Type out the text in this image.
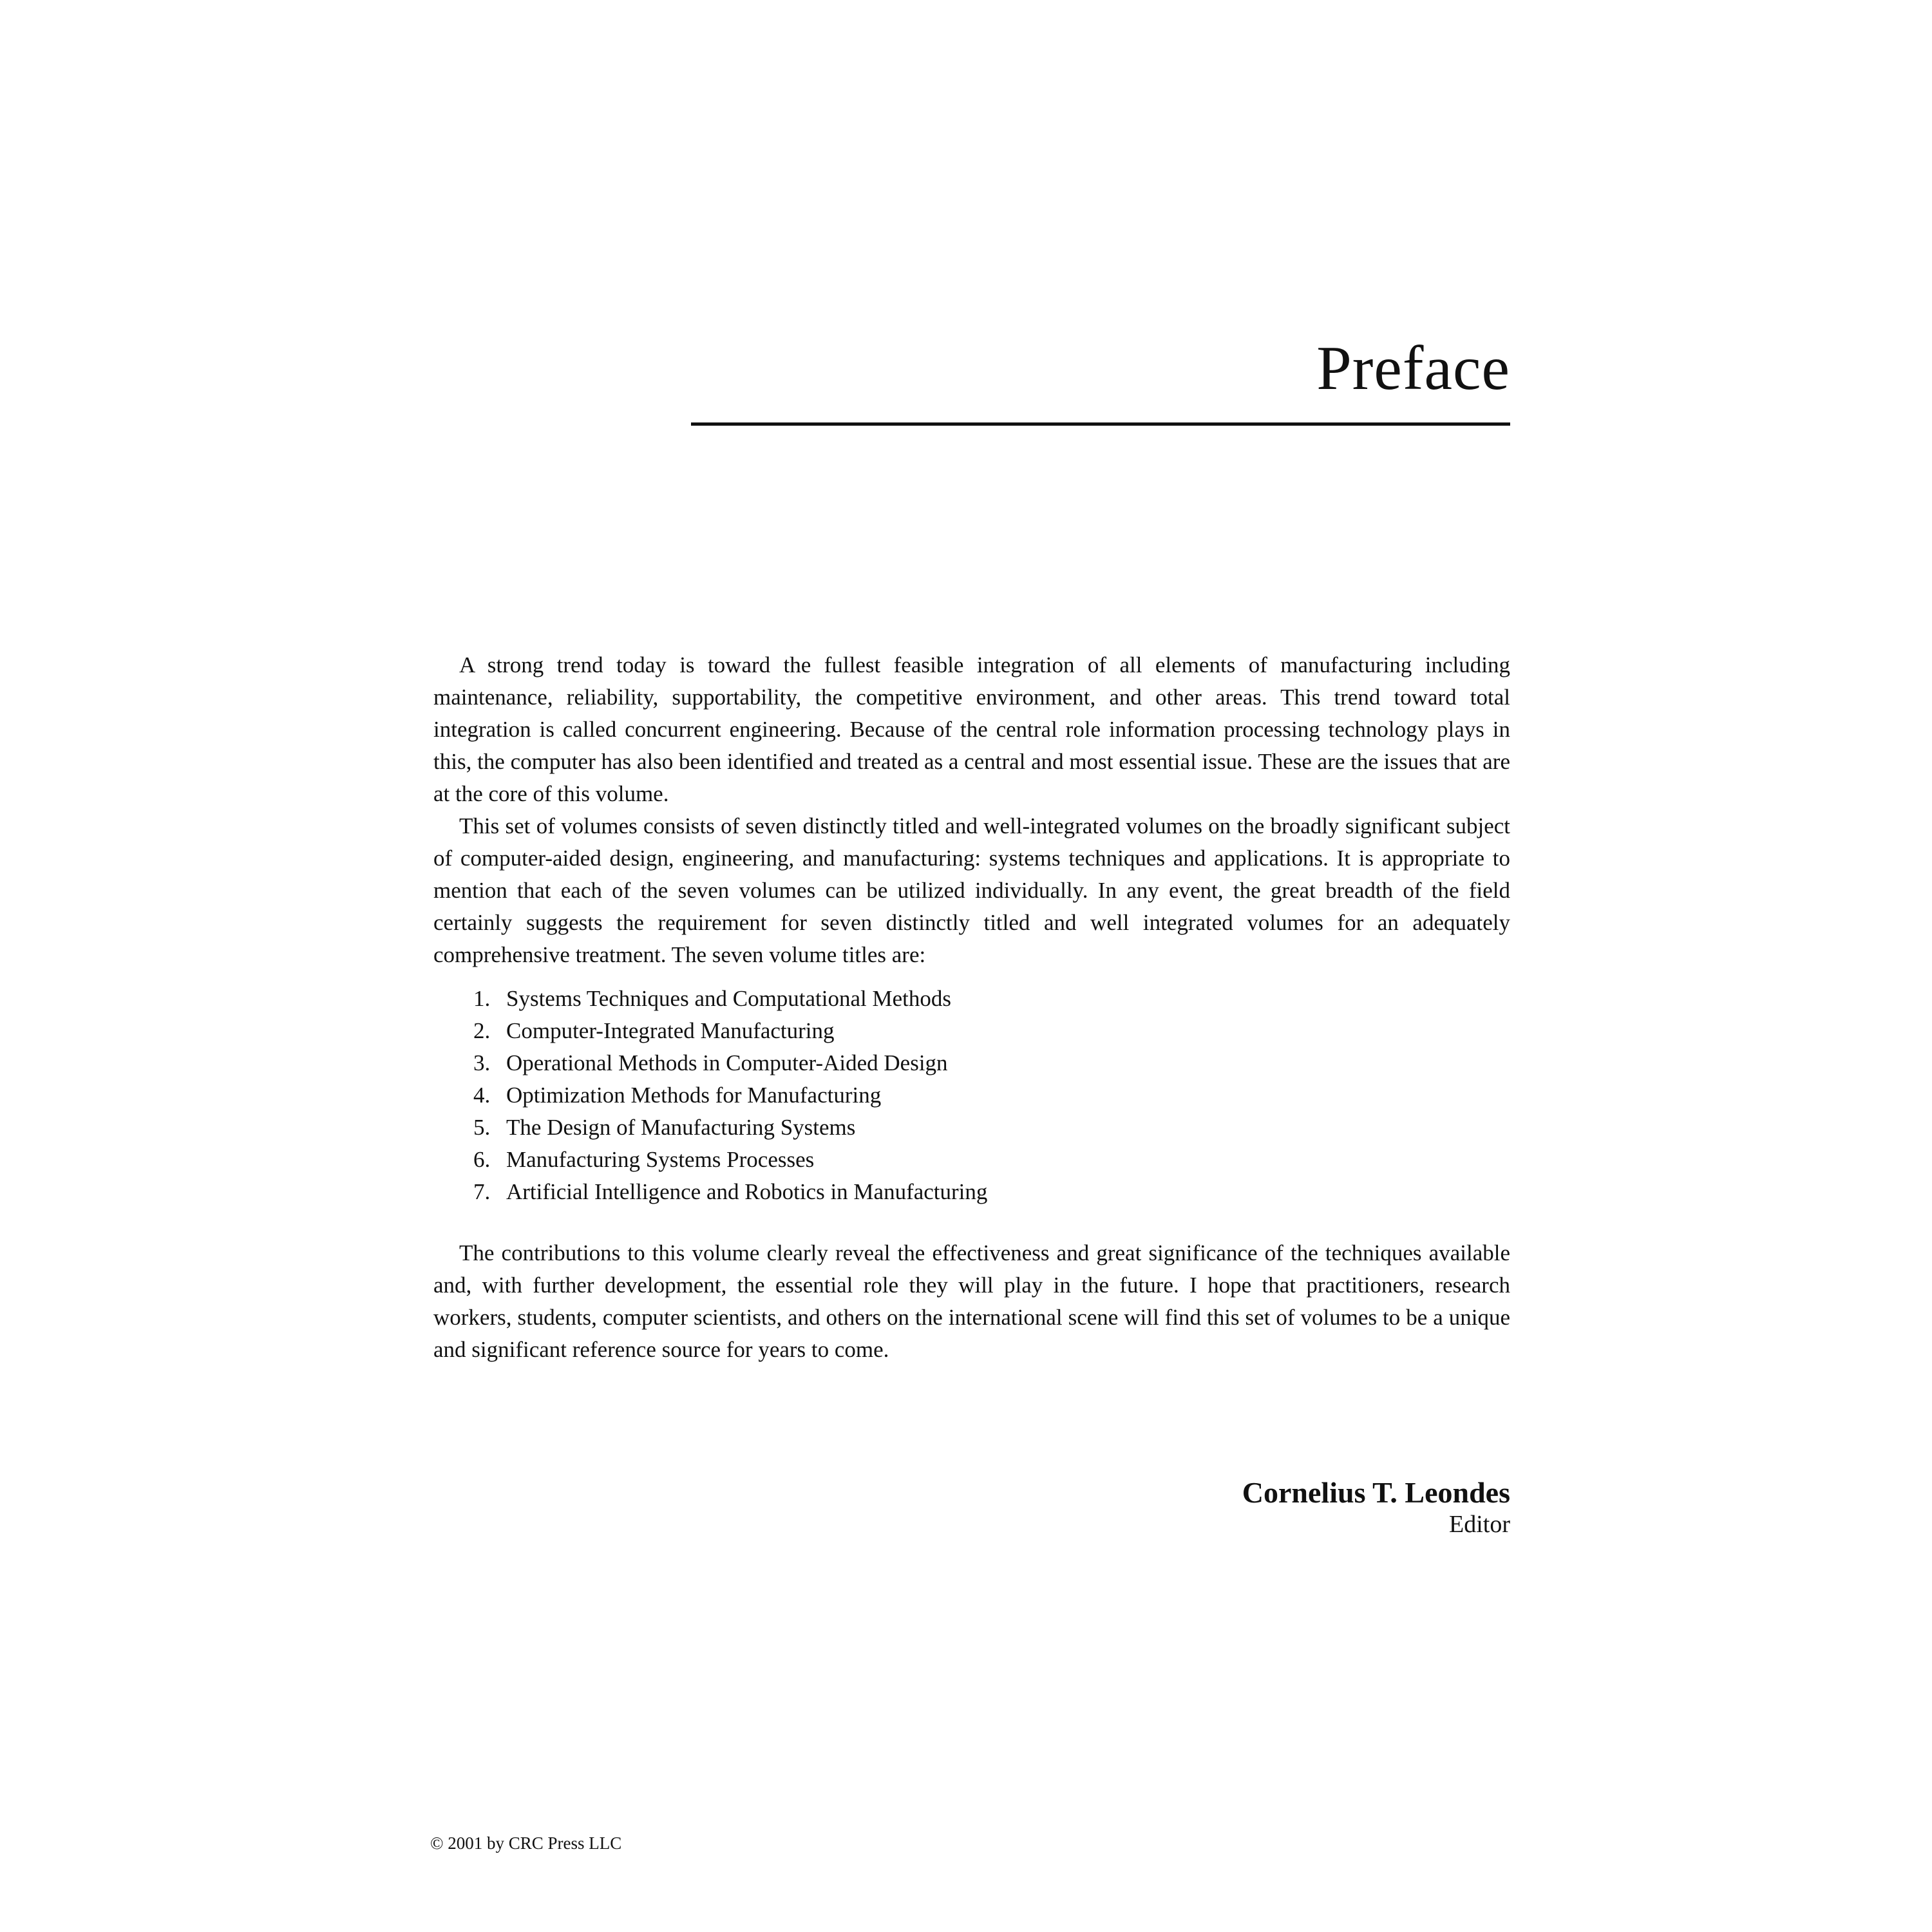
Preface

A strong trend today is toward the fullest feasible integration of all elements of manufacturing including maintenance, reliability, supportability, the competitive environment, and other areas. This trend toward total integration is called concurrent engineering. Because of the central role information processing technology plays in this, the computer has also been identified and treated as a central and most essential issue. These are the issues that are at the core of this volume.

This set of volumes consists of seven distinctly titled and well-integrated volumes on the broadly significant subject of computer-aided design, engineering, and manufacturing: systems techniques and applications. It is appropriate to mention that each of the seven volumes can be utilized individually. In any event, the great breadth of the field certainly suggests the requirement for seven distinctly titled and well integrated volumes for an adequately comprehensive treatment. The seven volume titles are:

1. Systems Techniques and Computational Methods
2. Computer-Integrated Manufacturing
3. Operational Methods in Computer-Aided Design
4. Optimization Methods for Manufacturing
5. The Design of Manufacturing Systems
6. Manufacturing Systems Processes
7. Artificial Intelligence and Robotics in Manufacturing

The contributions to this volume clearly reveal the effectiveness and great significance of the techniques available and, with further development, the essential role they will play in the future. I hope that practitioners, research workers, students, computer scientists, and others on the international scene will find this set of volumes to be a unique and significant reference source for years to come.

Cornelius T. Leondes
Editor
© 2001 by CRC Press LLC
